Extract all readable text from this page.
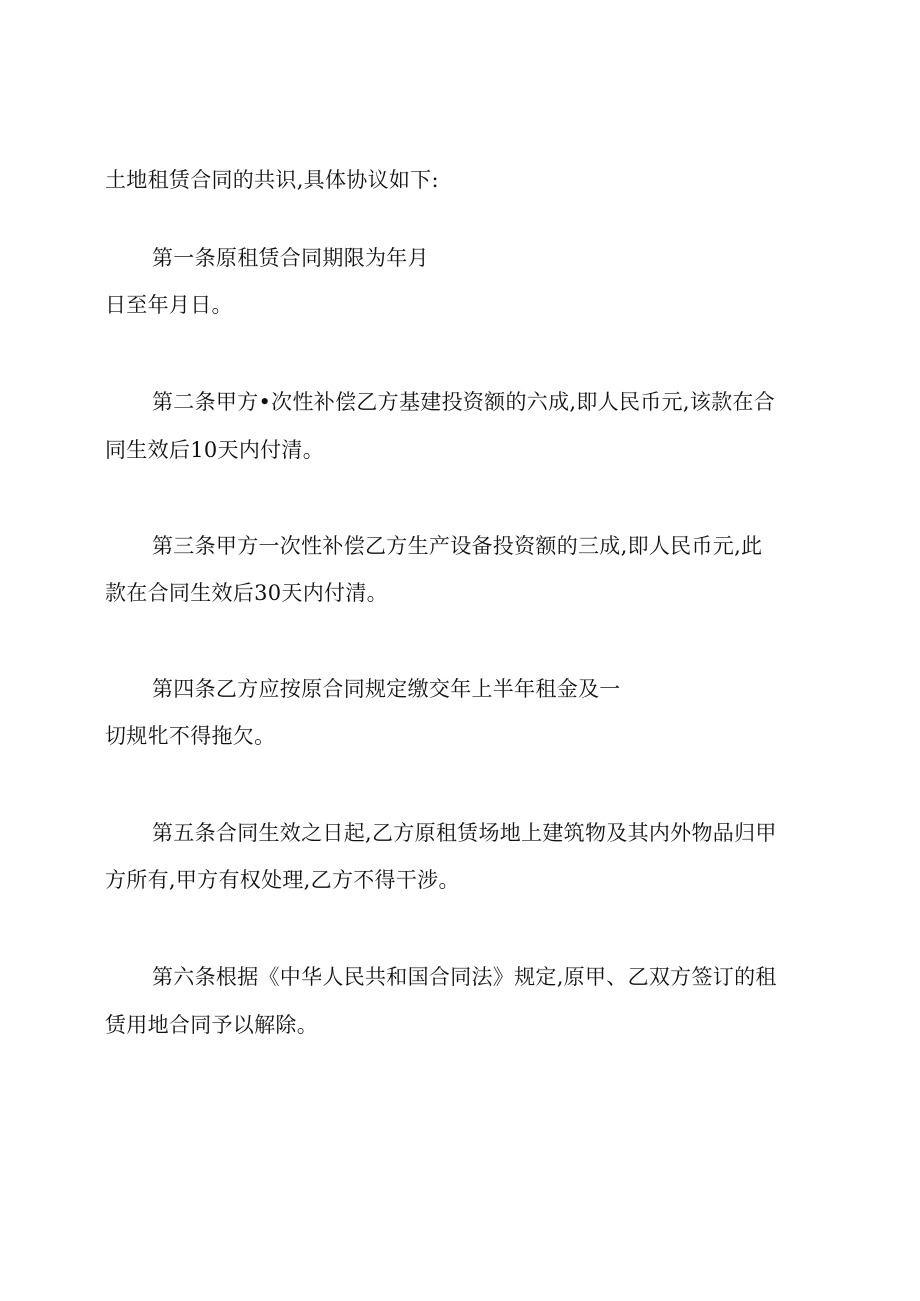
土地租赁合同的共识,具体协议如下:
第一条原租赁合同期限为年月
日至年月日。
第二条甲方•次性补偿乙方基建投资额的六成,即人民币元,该款在合
同生效后10天内付清。
第三条甲方一次性补偿乙方生产设备投资额的三成,即人民币元,此
款在合同生效后30天内付清。
第四条乙方应按原合同规定缴交年上半年租金及一
切规牝不得拖欠。
第五条合同生效之日起,乙方原租赁场地上建筑物及其内外物品归甲
方所有,甲方有权处理,乙方不得干涉。
第六条根据《中华人民共和国合同法》规定,原甲、乙双方签订的租
赁用地合同予以解除。
